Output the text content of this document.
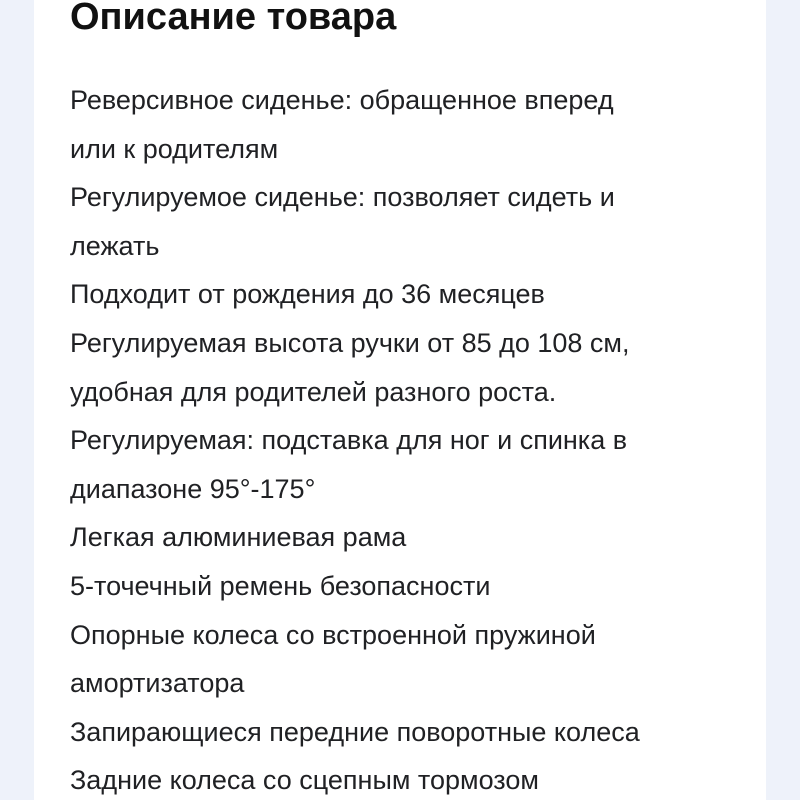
Описание товара
Реверсивное сиденье: обращенное вперед
или к родителям
Регулируемое сиденье: позволяет сидеть и
лежать
Подходит от рождения до 36 месяцев
Регулируемая высота ручки от 85 до 108 см,
удобная для родителей разного роста.
Регулируемая: подставка для ног и спинка в
диапазоне 95°-175°
Легкая алюминиевая рама
5-точечный ремень безопасности
Опорные колеса со встроенной пружиной
амортизатора
Запирающиеся передние поворотные колеса
Задние колеса со сцепным тормозом
